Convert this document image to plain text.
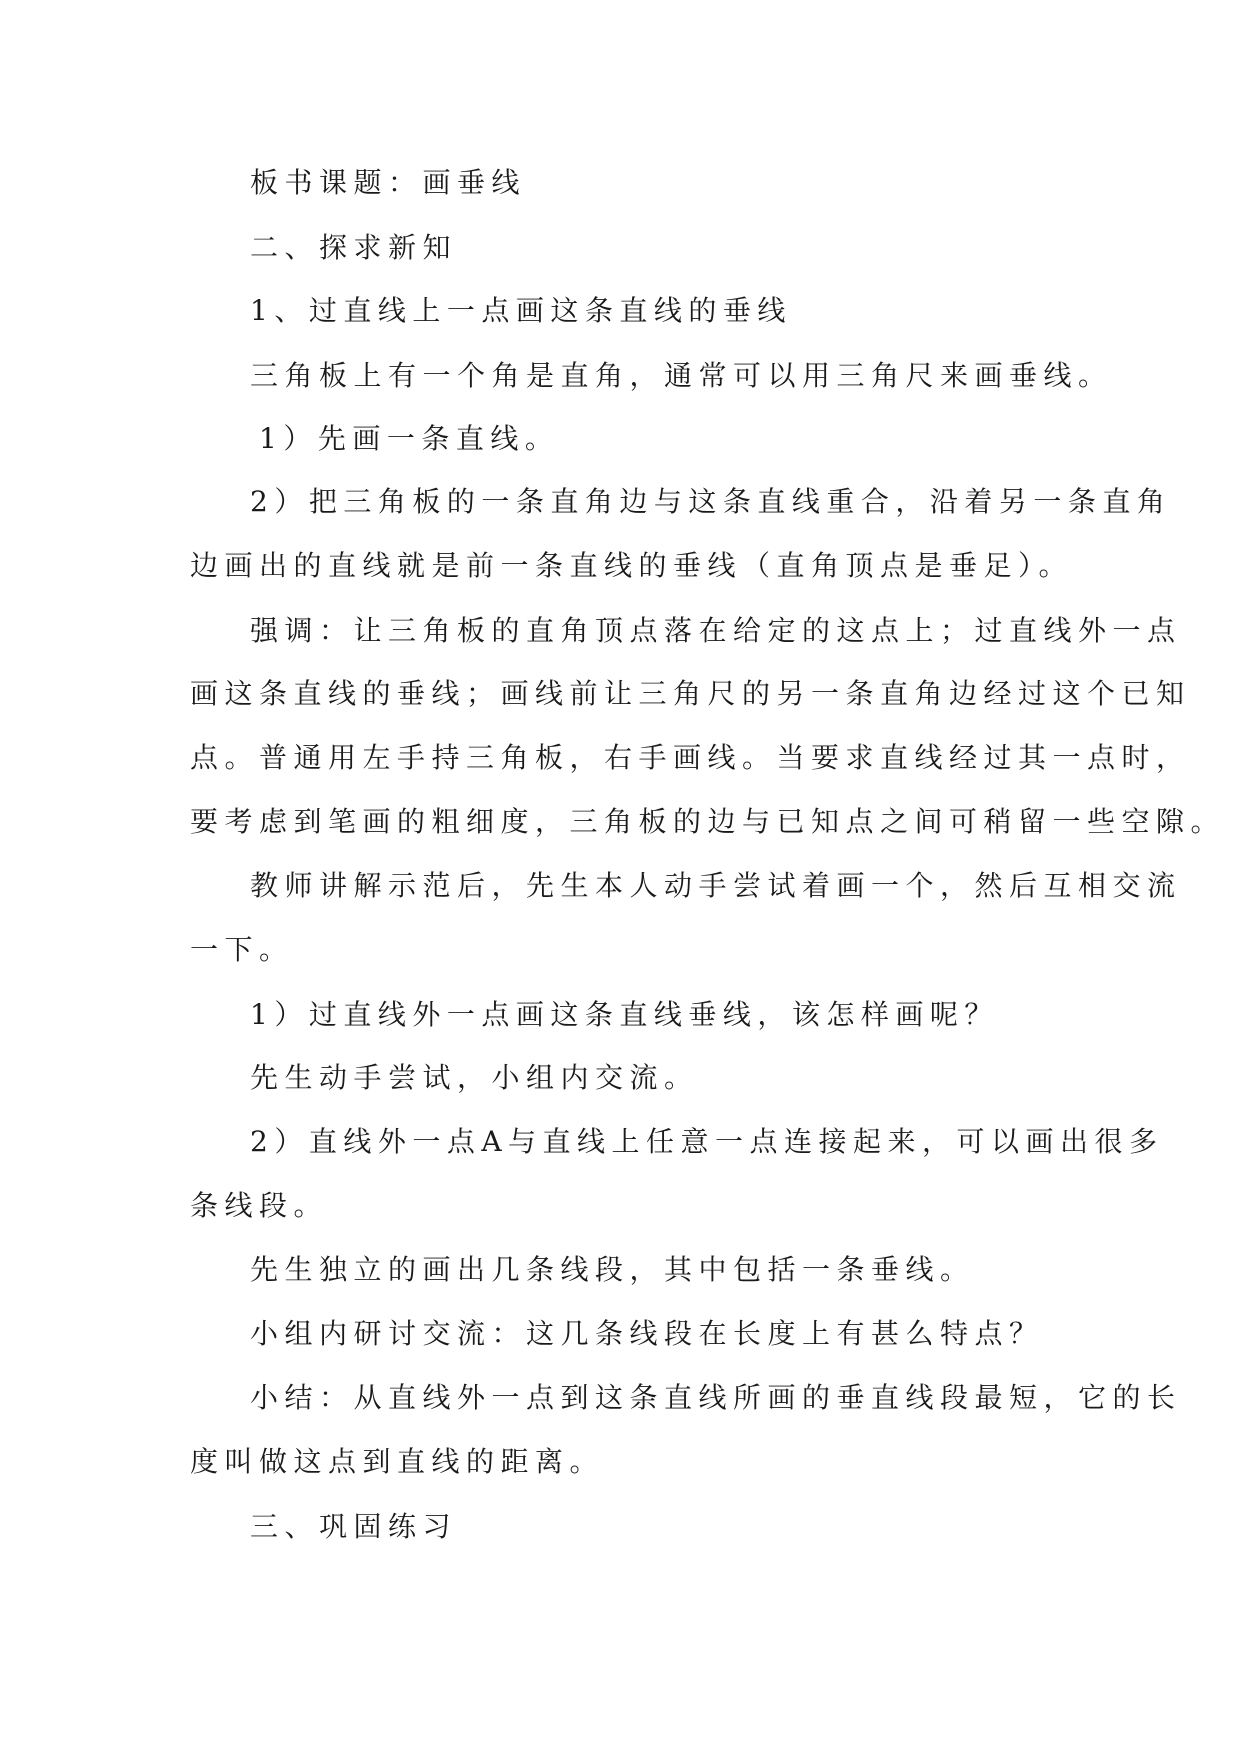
板书课题：画垂线
二、探求新知
1、过直线上一点画这条直线的垂线
三角板上有一个角是直角，通常可以用三角尺来画垂线。
1）先画一条直线。
2）把三角板的一条直角边与这条直线重合，沿着另一条直角
边画出的直线就是前一条直线的垂线（直角顶点是垂足）。
强调：让三角板的直角顶点落在给定的这点上；过直线外一点
画这条直线的垂线；画线前让三角尺的另一条直角边经过这个已知
点。普通用左手持三角板，右手画线。当要求直线经过其一点时，
要考虑到笔画的粗细度，三角板的边与已知点之间可稍留一些空隙。
教师讲解示范后，先生本人动手尝试着画一个，然后互相交流
一下。
1）过直线外一点画这条直线垂线，该怎样画呢？
先生动手尝试，小组内交流。
2）直线外一点A与直线上任意一点连接起来，可以画出很多
条线段。
先生独立的画出几条线段，其中包括一条垂线。
小组内研讨交流：这几条线段在长度上有甚么特点？
小结：从直线外一点到这条直线所画的垂直线段最短，它的长
度叫做这点到直线的距离。
三、巩固练习
